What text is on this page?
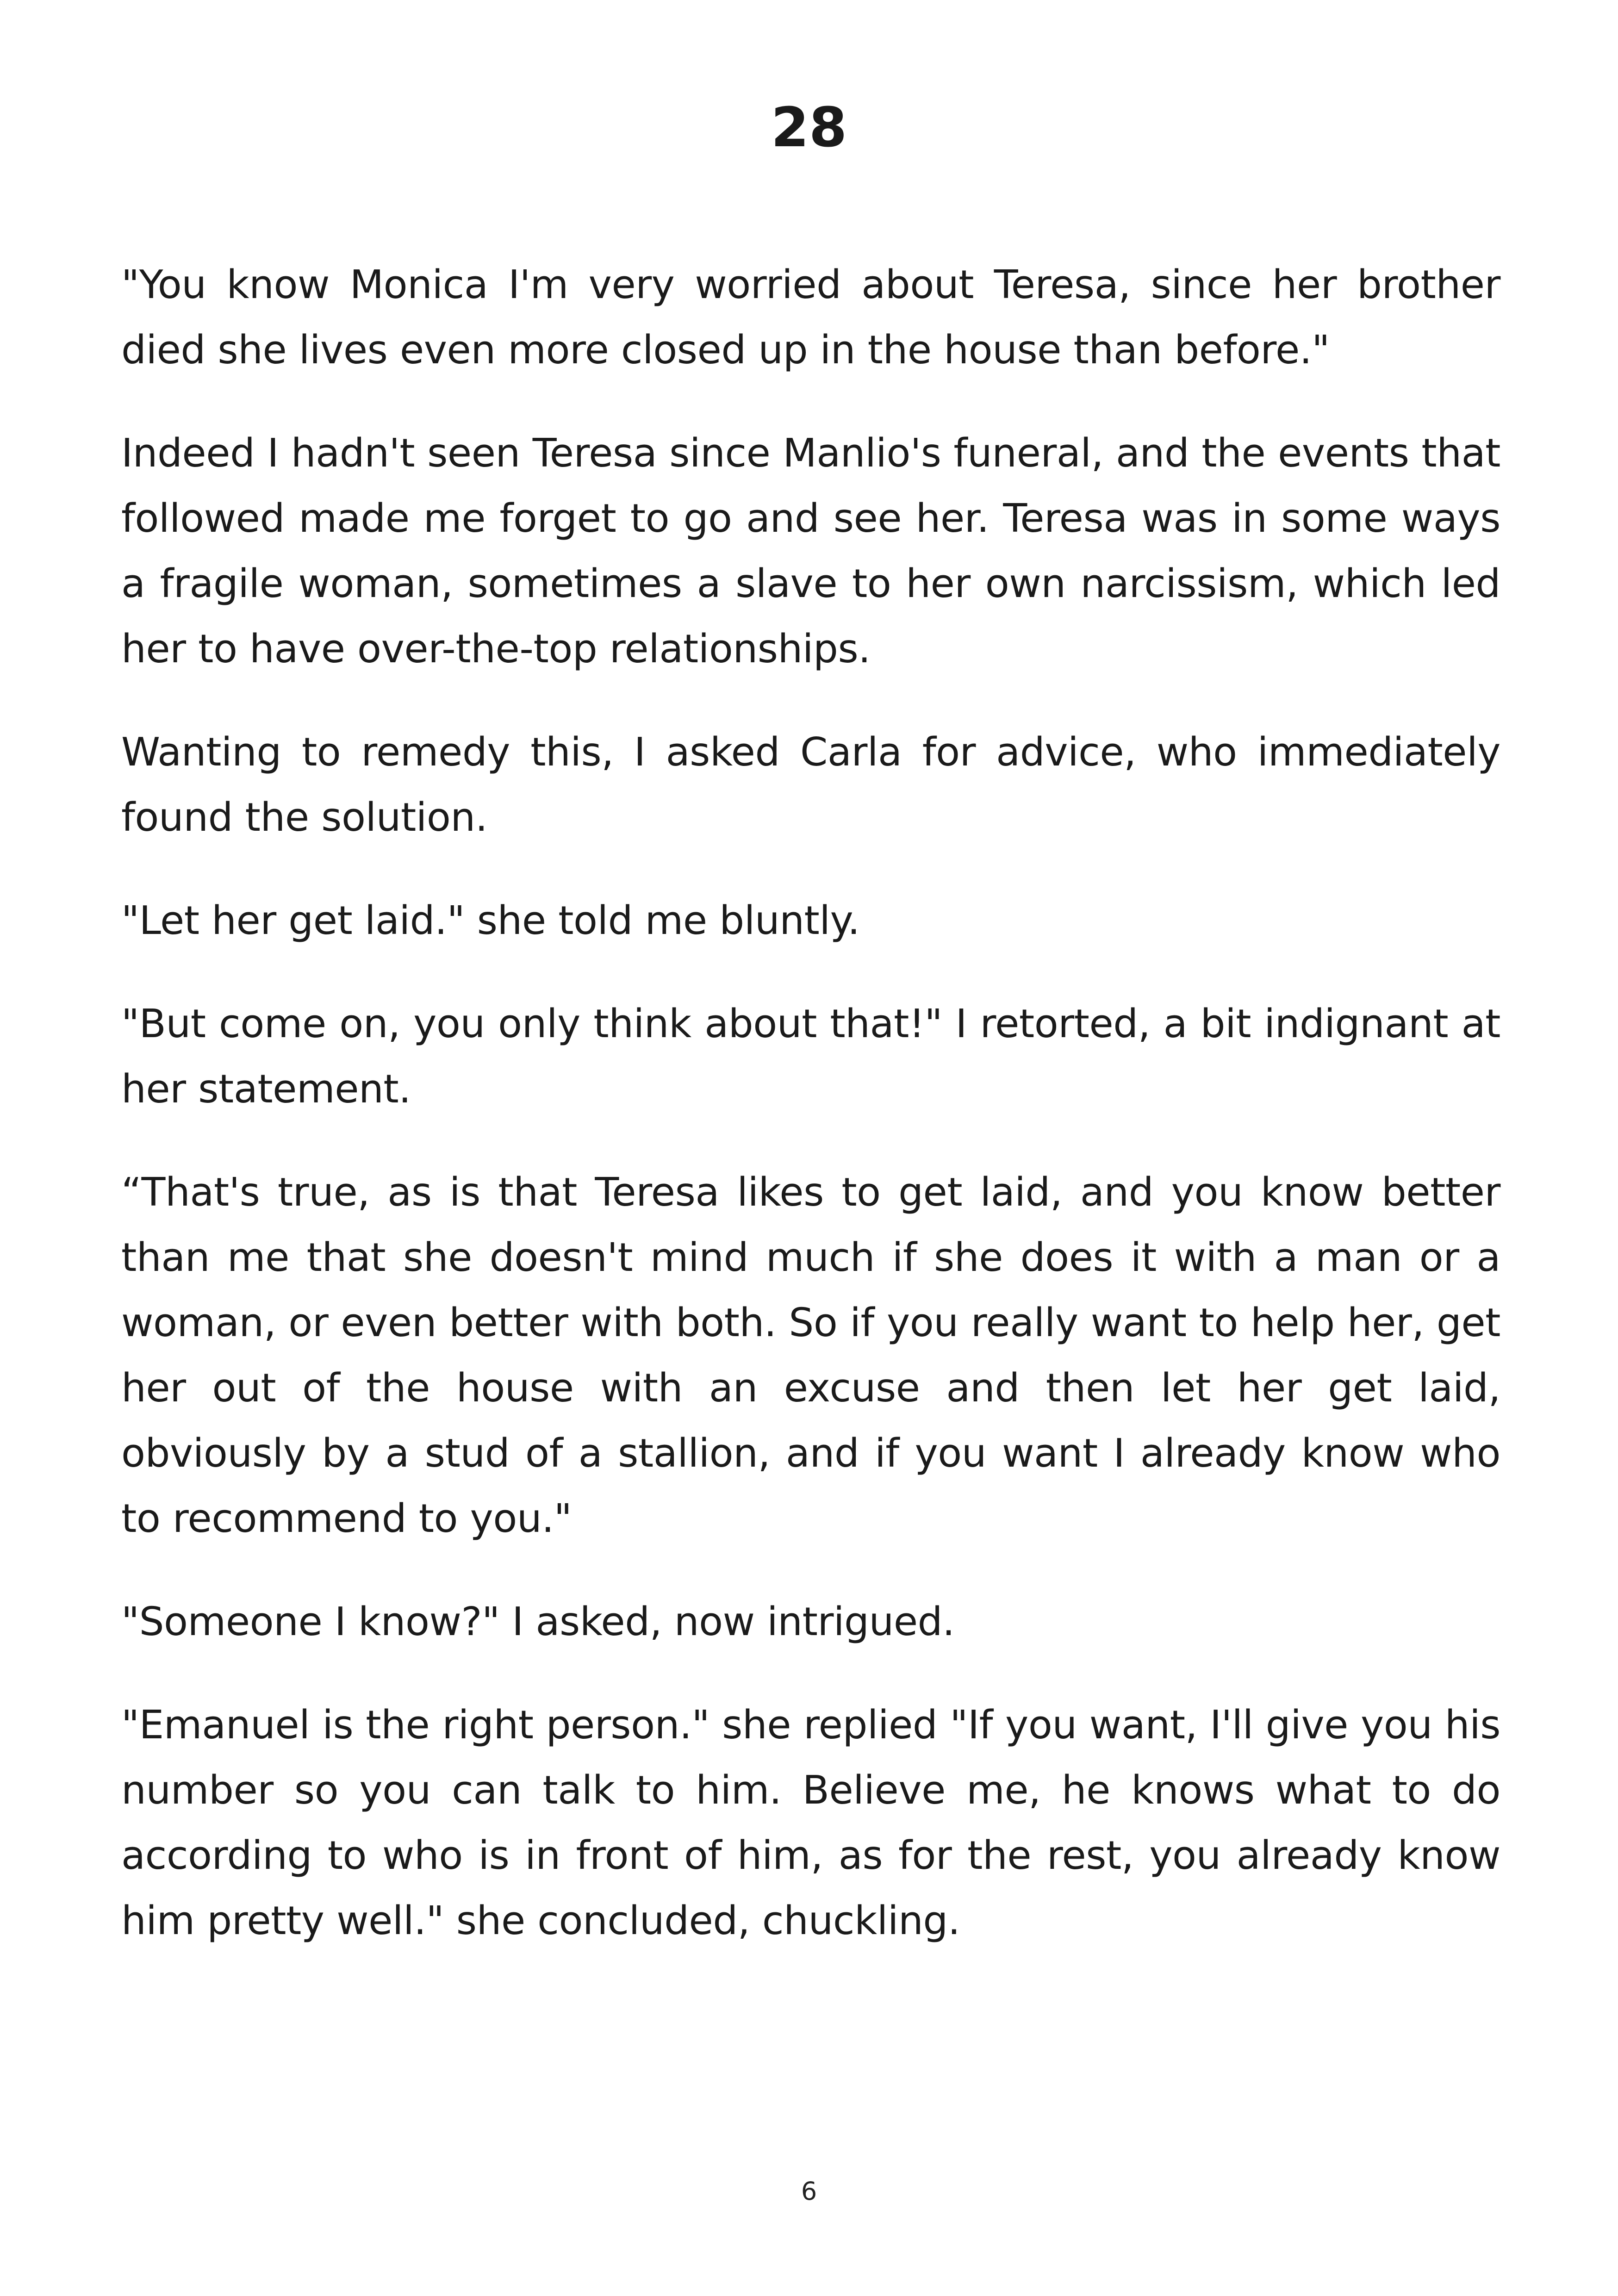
28

"You know Monica I'm very worried about Teresa, since her brother died she lives even more closed up in the house than before."

Indeed I hadn't seen Teresa since Manlio's funeral, and the events that followed made me forget to go and see her. Teresa was in some ways a fragile woman, sometimes a slave to her own narcissism, which led her to have over-the-top relationships.

Wanting to remedy this, I asked Carla for advice, who immediately found the solution.

"Let her get laid." she told me bluntly.

"But come on, you only think about that!" I retorted, a bit indignant at her statement.

“That's true, as is that Teresa likes to get laid, and you know better than me that she doesn't mind much if she does it with a man or a woman, or even better with both. So if you really want to help her, get her out of the house with an excuse and then let her get laid, obviously by a stud of a stallion, and if you want I already know who to recommend to you."

"Someone I know?" I asked, now intrigued.

"Emanuel is the right person." she replied "If you want, I'll give you his number so you can talk to him. Believe me, he knows what to do according to who is in front of him, as for the rest, you already know him pretty well." she concluded, chuckling.

6
